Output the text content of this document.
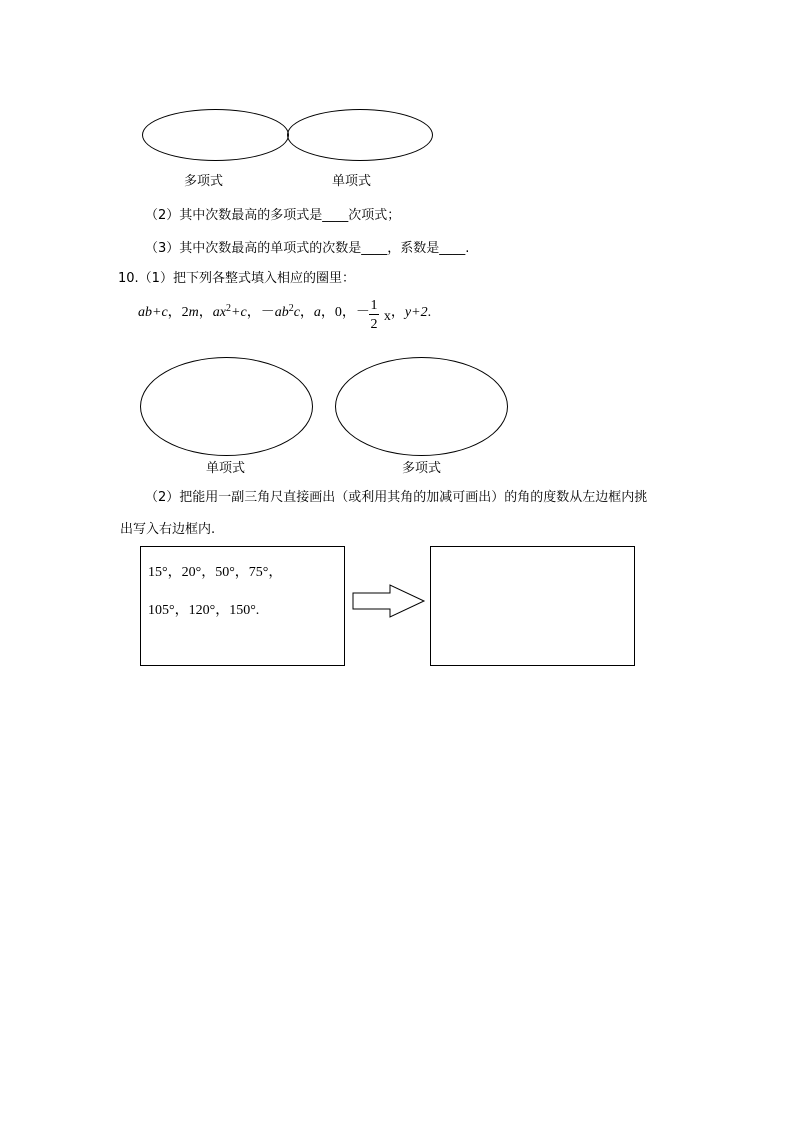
多项式	单项式
（2）其中次数最高的多项式是____次项式；
（3）其中次数最高的单项式的次数是____，系数是____.
10.（1）把下列各整式填入相应的圈里：
ab+c，2m，$ax^2+c$，$-ab^2c$，a，0，－ x，y+2.
1
2
单项式	多项式
（2）把能用一副三角尺直接画出（或利用其角的加减可画出）的角的度数从左边框内挑
出写入右边框内.
15°，20°，50°，75°，
105°，120°，150°.
